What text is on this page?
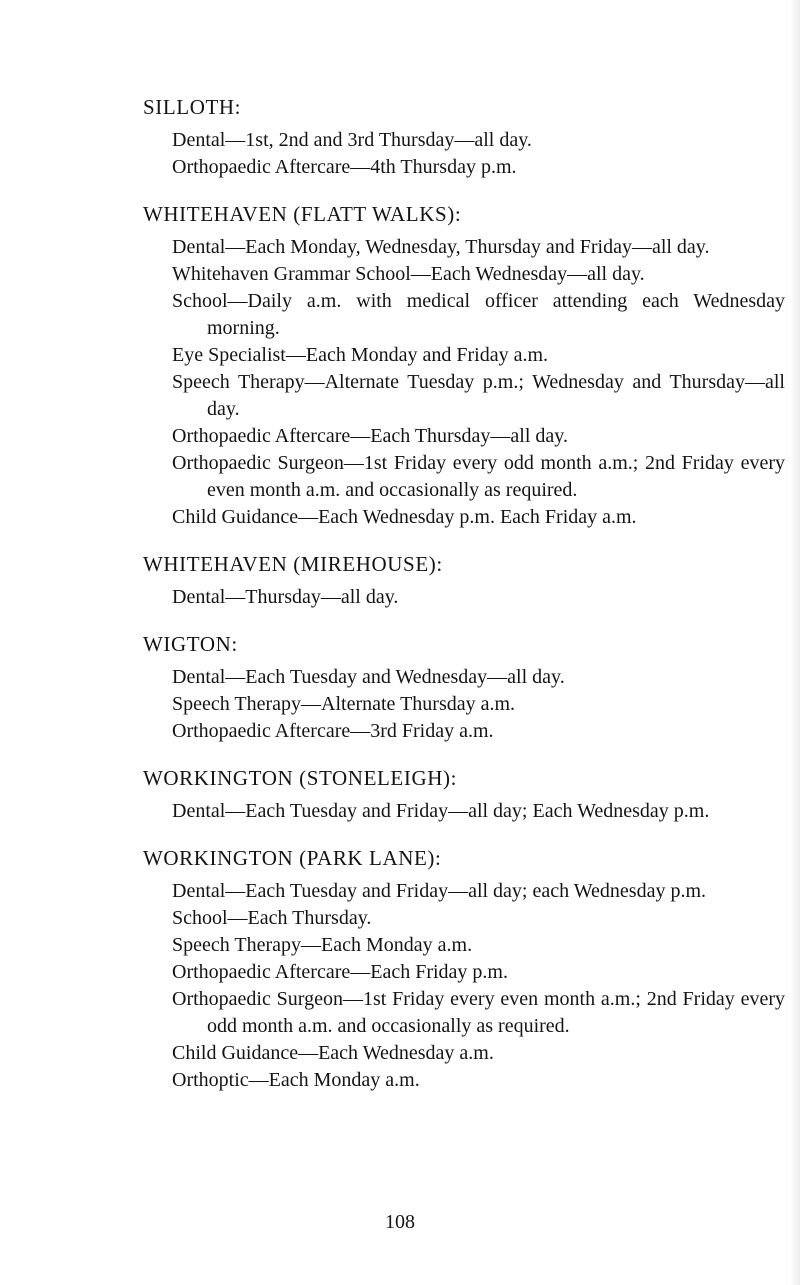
SILLOTH:

Dental—1st, 2nd and 3rd Thursday—all day.

Orthopaedic Aftercare—4th Thursday p.m.

WHITEHAVEN (FLATT WALKS):

Dental—Each Monday, Wednesday, Thursday and Friday—all day.

Whitehaven Grammar School—Each Wednesday—all day.

School—Daily a.m. with medical officer attending each Wednesday morning.

Eye Specialist—Each Monday and Friday a.m.

Speech Therapy—Alternate Tuesday p.m.; Wednesday and Thursday—all day.

Orthopaedic Aftercare—Each Thursday—all day.

Orthopaedic Surgeon—1st Friday every odd month a.m.; 2nd Friday every even month a.m. and occasionally as required.

Child Guidance—Each Wednesday p.m. Each Friday a.m.

WHITEHAVEN (MIREHOUSE):

Dental—Thursday—all day.

WIGTON:

Dental—Each Tuesday and Wednesday—all day.

Speech Therapy—Alternate Thursday a.m.

Orthopaedic Aftercare—3rd Friday a.m.

WORKINGTON (STONELEIGH):

Dental—Each Tuesday and Friday—all day; Each Wednesday p.m.

WORKINGTON (PARK LANE):

Dental—Each Tuesday and Friday—all day; each Wednesday p.m.

School—Each Thursday.

Speech Therapy—Each Monday a.m.

Orthopaedic Aftercare—Each Friday p.m.

Orthopaedic Surgeon—1st Friday every even month a.m.; 2nd Friday every odd month a.m. and occasionally as required.

Child Guidance—Each Wednesday a.m.

Orthoptic—Each Monday a.m.

108
